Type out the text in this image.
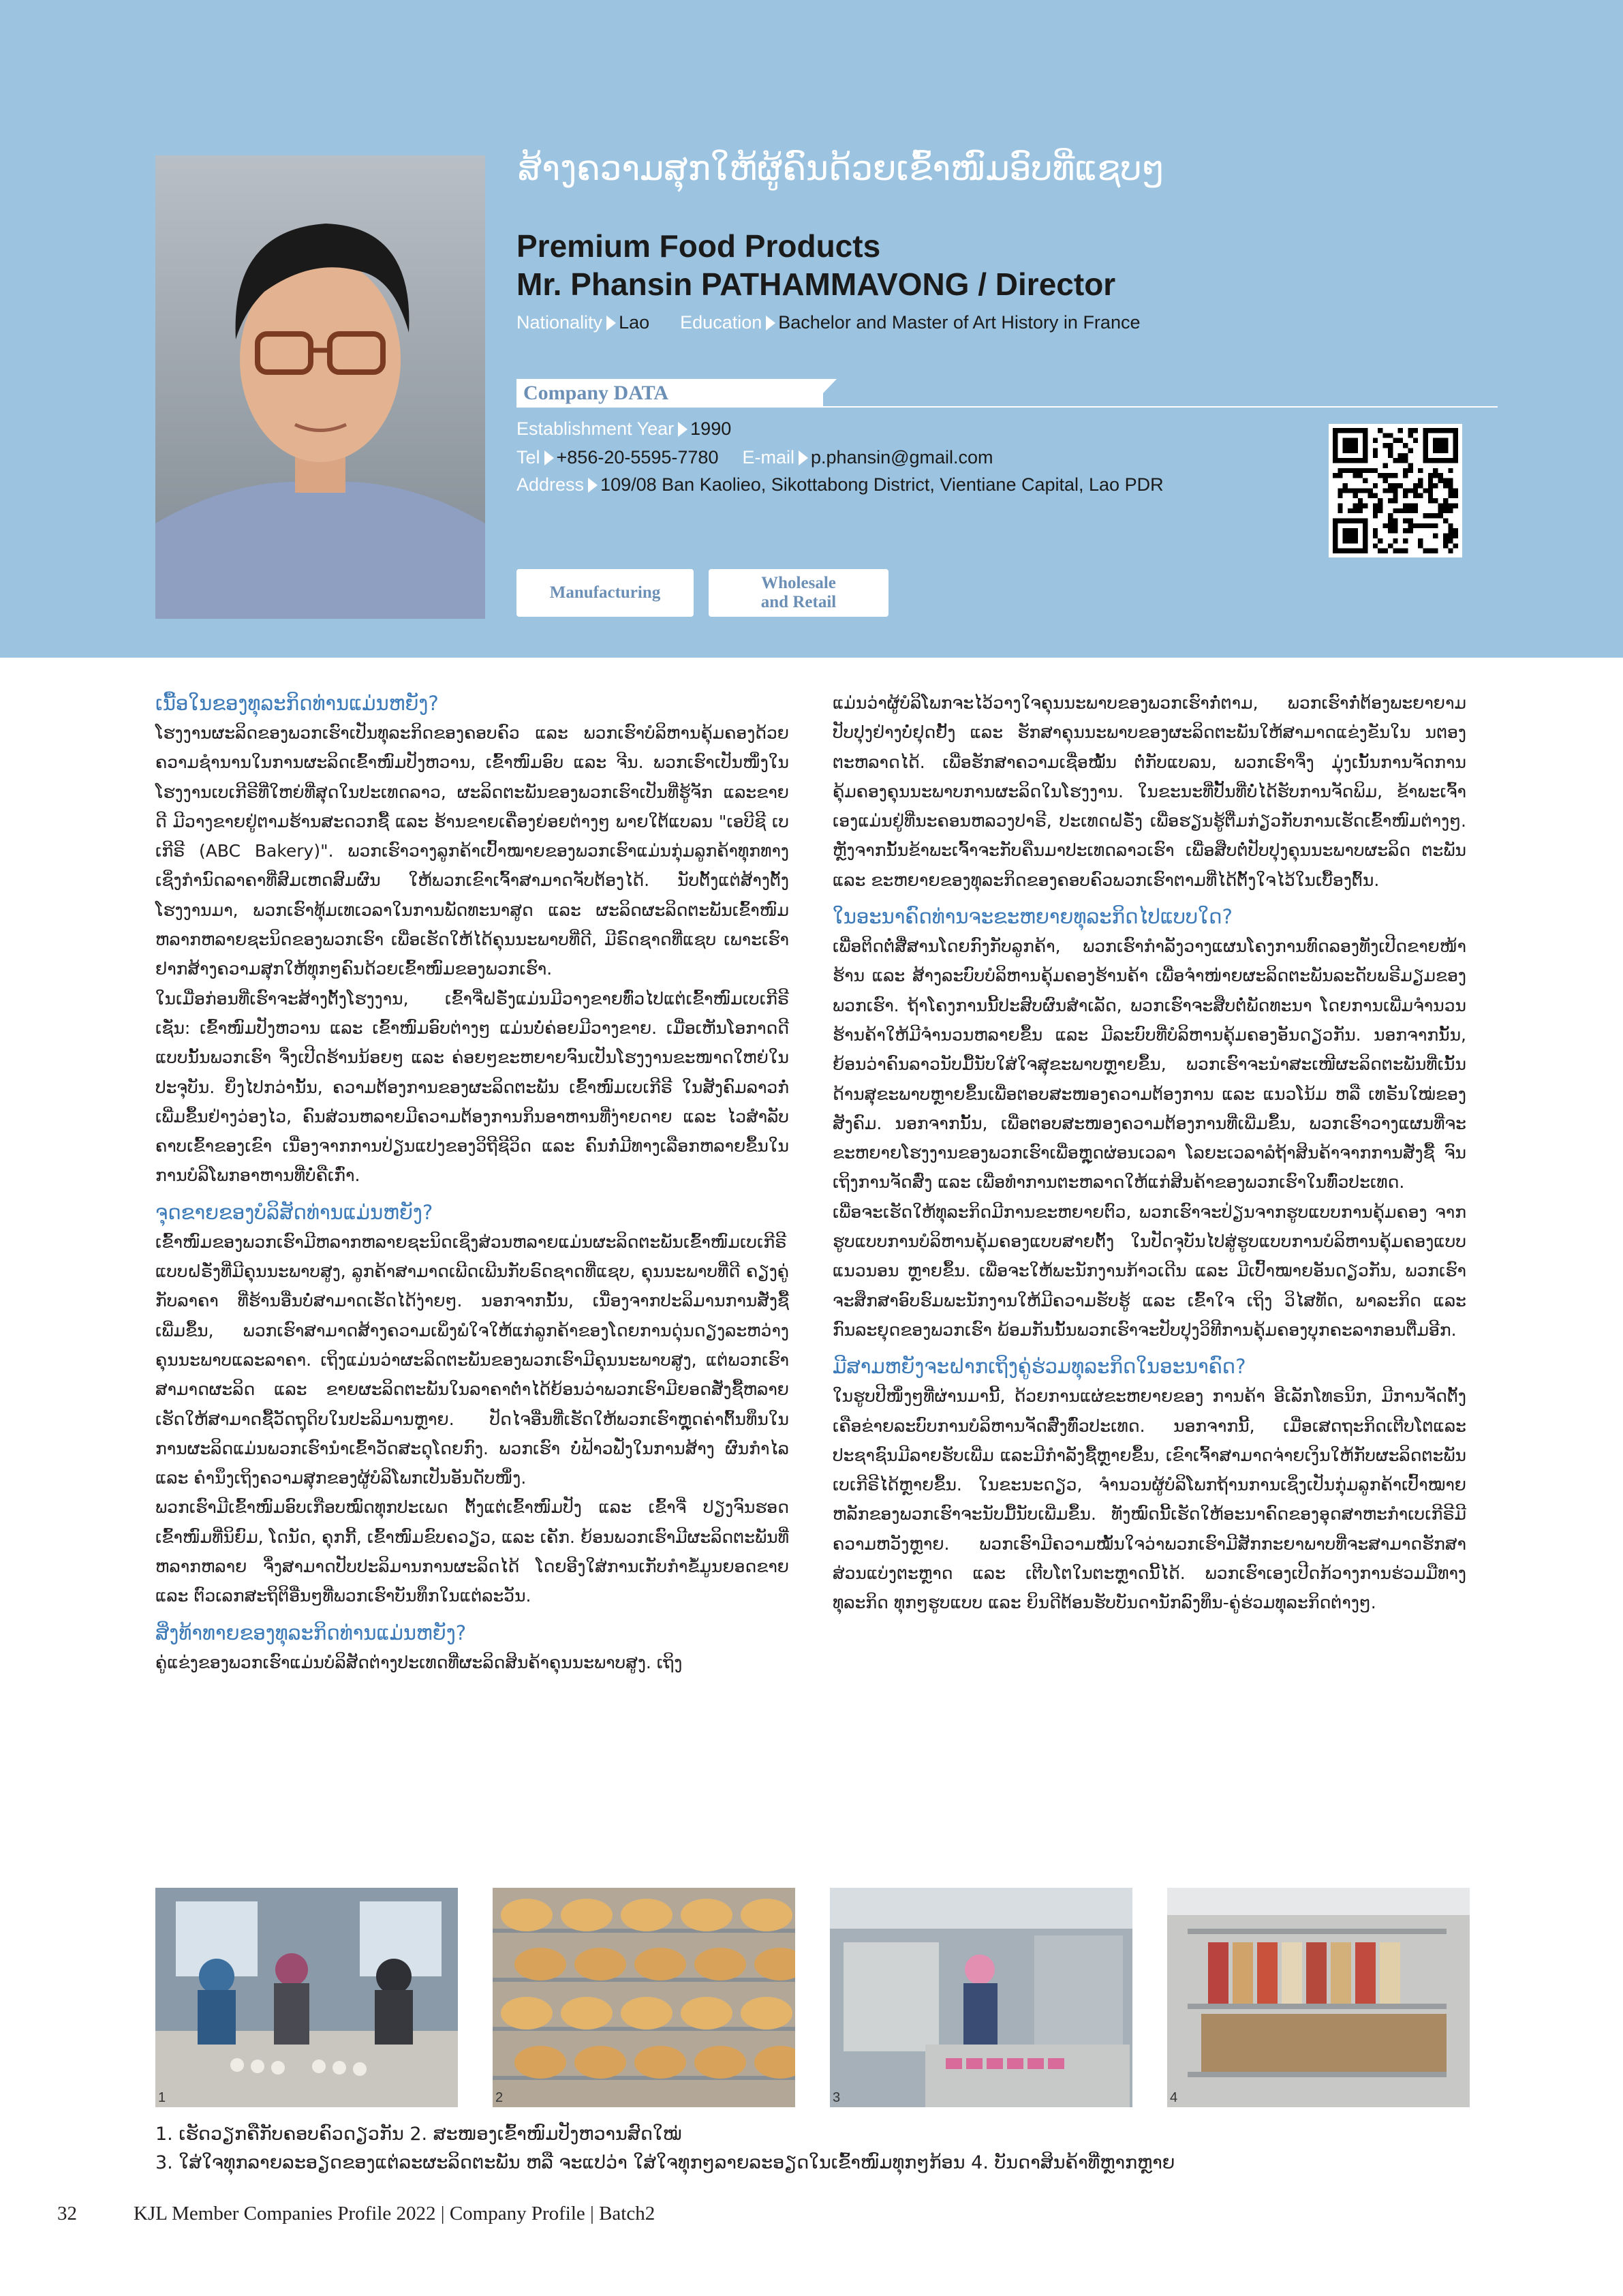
ສ້າງຄວາມສຸກໃຫ້ຜູ້ຄົນດ້ວຍເຂົ້າໜົມອົບທີ່ແຊບໆ
Premium Food Products
Mr. Phansin PATHAMMAVONG / Director
Nationality Lao Education Bachelor and Master of Art History in France
Company DATA
Establishment Year 1990
Tel +856-20-5595-7780 E-mail p.phansin@gmail.com
Address 109/08 Ban Kaolieo, Sikottabong District, Vientiane Capital, Lao PDR
Manufacturing
Wholesale and Retail
ເນື້ອໃນຂອງທຸລະກິດທ່ານແມ່ນຫຍັງ?

ໂຮງງານຜະລິດຂອງພວກເຮົາເປັນທຸລະກິດຂອງຄອບຄົວ ແລະ ພວກເຮົາບໍລິຫານຄຸ້ມຄອງດ້ວຍຄວາມຊຳນານໃນການຜະລິດເຂົ້າໜົມປັງຫວານ, ເຂົ້າໜົມອົບ ແລະ ຈີນ. ພວກເຮົາເປັນໜຶ່ງໃນໂຮງງານເບເກີຣີທີ່ໃຫຍ່ທີ່ສຸດໃນປະເທດລາວ, ຜະລິດຕະພັນຂອງພວກເຮົາເປັນທີ່ຮູ້ຈັກ ແລະຂາຍດີ ມີວາງຂາຍຢູ່ຕາມຮ້ານສະດວກຊື້ ແລະ ຮ້ານຂາຍເຄື່ອງຍ່ອຍຕ່າງໆ ພາຍໃຕ້ແບລນ "ເອບີຊີ ເບເກີຣີ (ABC Bakery)". ພວກເຮົາວາງລູກຄ້າເປົ້າໝາຍຂອງພວກເຮົາແມ່ນກຸ່ມລູກຄ້າທຸກທາງ ເຊິ່ງກໍານົດລາຄາທີ່ສົມເຫດສົມຜົນ ໃຫ້ພວກເຂົາເຈົ້າສາມາດຈັບຕ້ອງໄດ້. ນັບຕັ້ງແຕ່ສ້າງຕັ້ງໂຮງງານມາ, ພວກເຮົາທຸ້ມເທເວລາໃນການພັດທະນາສູດ ແລະ ຜະລິດຜະລິດຕະພັນເຂົ້າໜົມຫລາກຫລາຍຊະນິດຂອງພວກເຮົາ ເພື່ອເຮັດໃຫ້ໄດ້ຄຸນນະພາບທີ່ດີ, ມີຣົດຊາດທີ່ແຊບ ເພາະເຮົາຢາກສ້າງຄວາມສຸກໃຫ້ທຸກໆຄົນດ້ວຍເຂົ້າໜົມຂອງພວກເຮົາ.

ໃນເມື່ອກ່ອນທີ່ເຮົາຈະສ້າງຕັ້ງໂຮງງານ, ເຂົ້າຈີ່ຝຣັ່ງແມ່ນມີວາງຂາຍທົ່ວໄປແຕ່ເຂົ້າໜົມເບເກີຣີ ເຊັ່ນ: ເຂົ້າໜົມປັງຫວານ ແລະ ເຂົ້າໜົມອົບຕ່າງໆ ແມ່ນບໍ່ຄ່ອຍມີວາງຂາຍ. ເມື່ອເຫັນໂອກາດດີແບບນັ້ນພວກເຮົາ ຈຶ່ງເປີດຮ້ານນ້ອຍໆ ແລະ ຄ່ອຍໆຂະຫຍາຍຈົນເປັນໂຮງງານຂະໜາດໃຫຍ່ໃນປະຈຸບັນ. ຍິ່ງໄປກວ່ານັ້ນ, ຄວາມຕ້ອງການຂອງຜະລິດຕະພັນ ເຂົ້າໜົມເບເກີຣີ ໃນສັງຄົມລາວກໍ່ເພີ່ມຂຶ້ນຢ່າງວ່ອງໄວ, ຄົນສ່ວນຫລາຍມີຄວາມຕ້ອງການກິນອາຫານທີ່ງ່າຍດາຍ ແລະ ໄວສໍາລັບຄາບເຂົ້າຂອງເຂົາ ເນື່ອງຈາກການປ່ຽນແປງຂອງວິຖີຊີວິດ ແລະ ຄົນກໍ່ມີທາງເລືອກຫລາຍຂຶ້ນໃນການບໍລິໂພກອາຫານທີ່ບໍ່ຄືເກົ່າ.

ຈຸດຂາຍຂອງບໍລິສັດທ່ານແມ່ນຫຍັງ?

ເຂົ້າໜົມຂອງພວກເຮົາມີຫລາກຫລາຍຊະນິດເຊິ່ງສ່ວນຫລາຍແມ່ນຜະລິດຕະພັນເຂົ້າໜົມເບເກີຣີແບບຝຣັ່ງທີ່ມີຄຸນນະພາບສູງ, ລູກຄ້າສາມາດເພີດເພີນກັບຣົດຊາດທີ່ແຊບ, ຄຸນນະພາບທີ່ດີ ຄຽງຄູ່ກັບລາຄາ ທີ່ຮ້ານອື່ນບໍ່ສາມາດເຮັດໄດ້ງ່າຍໆ. ນອກຈາກນັ້ນ, ເນື່ອງຈາກປະລິມານການສັ່ງຊື້ເພີ່ມຂຶ້ນ, ພວກເຮົາສາມາດສ້າງຄວາມເພິ່ງພໍໃຈໃຫ້ແກ່ລູກຄ້າຂອງໂດຍການດຸ່ນດຽງລະຫວ່າງຄຸນນະພາບແລະລາຄາ. ເຖິງແມ່ນວ່າຜະລິດຕະພັນຂອງພວກເຮົາມີຄຸນນະພາບສູງ, ແຕ່ພວກເຮົາສາມາດຜະລິດ ແລະ ຂາຍຜະລິດຕະພັນໃນລາຄາຕ່ຳໄດ້ຍ້ອນວ່າພວກເຮົາມີຍອດສັ່ງຊື້ຫລາຍ ເຮັດໃຫ້ສາມາດຊື້ວັດຖຸດິບໃນປະລິມານຫຼາຍ. ປັດໄຈອື່ນທີ່ເຮັດໃຫ້ພວກເຮົາຫຼຸດຄ່າຕົ້ນທຶນໃນການຜະລິດແມ່ນພວກເຮົານຳເຂົ້າວັດສະດຸໂດຍກົງ. ພວກເຮົາ ບໍ່ຟ້າວຟັ່ງໃນການສ້າງ ຜົນກຳໄລ ແລະ ຄຳນຶງເຖິງຄວາມສຸກຂອງຜູ້ບໍລິໂພກເປັນອັນດັບໜຶ່ງ.

ພວກເຮົາມີເຂົ້າໜົມອົບເກືອບໝົດທຸກປະເພດ ຕັ້ງແຕ່ເຂົ້າໜົມປັງ ແລະ ເຂົ້າຈີ່ ປຽງຈົນຮອດເຂົ້າໜົມທີ່ນິຍົມ, ໂດນັດ, ຄຸກກີ້, ເຂົ້າໜົມຂົບຄວຽວ, ແລະ ເຄັກ. ຍ້ອນພວກເຮົາມີຜະລິດຕະພັນທີ່ຫລາກຫລາຍ ຈຶ່ງສາມາດປັບປະລິມານການຜະລິດໄດ້ ໂດຍອີງໃສ່ການເກັບກຳຂໍ້ມູນຍອດຂາຍ ແລະ ຕົວເລກສະຖິຕິອື່ນໆທີ່ພວກເຮົາບັນທຶກໃນແຕ່ລະວັນ.

ສິ່ງທ້າທາຍຂອງທຸລະກິດທ່ານແມ່ນຫຍັງ?

ຄູ່ແຂ່ງຂອງພວກເຮົາແມ່ນບໍລິສັດຕ່າງປະເທດທີ່ຜະລິດສິນຄ້າຄຸນນະພາບສູງ. ເຖິງ

ແມ່ນວ່າຜູ້ບໍລິໂພກຈະໄວ້ວາງໃຈຄຸນນະພາບຂອງພວກເຮົາກໍ່ຕາມ, ພວກເຮົາກໍ່ຕ້ອງພະຍາຍາມປັບປຸງຢ່າງບໍ່ຢຸດຢັ້ງ ແລະ ຮັກສາຄຸນນະພາບຂອງຜະລິດຕະພັນໃຫ້ສາມາດແຂ່ງຂັນໃນ ນຕອງຕະຫລາດໄດ້. ເພື່ອຮັກສາຄວາມເຊື່ອໝັ້ນ ຕໍ່ກັບແບລນ, ພວກເຮົາຈຶ່ງ ມຸ່ງເນັ້ນການຈັດການຄຸ້ມຄອງຄຸນນະພາບການຜະລິດໃນໂຮງງານ. ໃນຂະນະທີ່ປັ້ນທີ່ບໍ່ໄດ້ຮັບການຈັດພິມ, ຂ້າພະເຈົ້າເອງແມ່ນຢູ່ທີ່ນະຄອນຫລວງປາຣີ, ປະເທດຝຣັ່ງ ເພື່ອຮຽນຮູ້ຕື່ມກ່ຽວກັບການເຮັດເຂົ້າໜົມຕ່າງໆ. ຫຼັງຈາກນັ້ນຂ້າພະເຈົ້າຈະກັບຄືນມາປະເທດລາວເຮົາ ເພື່ອສືບຕໍ່ປັບປຸງຄຸນນະພາບຜະລິດ ຕະພັນ ແລະ ຂະຫຍາຍຂອງທຸລະກິດຂອງຄອບຄົວພວກເຮົາຕາມທີ່ໄດ້ຕັ້ງໃຈໄວ້ໃນເບື້ອງຕົ້ນ.

ໃນອະນາຄົດທ່ານຈະຂະຫຍາຍທຸລະກິດໄປແບບໃດ?

ເພື່ອຕິດຕໍ່ສື່ສານໂດຍກົງກັບລູກຄ້າ, ພວກເຮົາກໍາລັງວາງແຜນໂຄງການທົດລອງທັງເປີດຂາຍໜ້າຮ້ານ ແລະ ສ້າງລະບົບບໍລິຫານຄຸ້ມຄອງຮ້ານຄ້າ ເພື່ອຈຳໜ່າຍຜະລິດຕະພັນລະດັບພຣີມຽມຂອງພວກເຮົາ. ຖ້າໂຄງການນີ້ປະສົບຜົນສຳເລັດ, ພວກເຮົາຈະສືບຕໍ່ພັດທະນາ ໂດຍການເພີ່ມຈຳນວນຮ້ານຄ້າໃຫ້ມີຈຳນວນຫລາຍຂຶ້ນ ແລະ ມີລະບົບທີ່ບໍລິຫານຄຸ້ມຄອງອັນດຽວກັນ. ນອກຈາກນັ້ນ, ຍ້ອນວ່າຄົນລາວນັບມື້ນັບໃສ່ໃຈສຸຂະພາບຫຼາຍຂຶ້ນ, ພວກເຮົາຈະນຳສະເໜີຜະລິດຕະພັນທີ່ເນັ້ນດ້ານສຸຂະພາບຫຼາຍຂຶ້ນເພື່ອຕອບສະໜອງຄວາມຕ້ອງການ ແລະ ແນວໂນ້ມ ຫລື ເທຣັນໃໝ່ຂອງສັງຄົມ. ນອກຈາກນັ້ນ, ເພື່ອຕອບສະໜອງຄວາມຕ້ອງການທີ່ເພີ່ມຂຶ້ນ, ພວກເຮົາວາງແຜນທີ່ຈະຂະຫຍາຍໂຮງງານຂອງພວກເຮົາເພື່ອຫຼຸດຜ່ອນເວລາ ໂລຍະເວລາລໍຖ້າສິນຄ້າຈາກການສັ່ງຊື້ ຈົນເຖິງການຈັດສົ່ງ ແລະ ເພື່ອທຳການຕະຫລາດໃຫ້ແກ່ສິນຄ້າຂອງພວກເຮົາໃນທົ່ວປະເທດ.

ເພື່ອຈະເຮັດໃຫ້ທຸລະກິດມີການຂະຫຍາຍຕົວ, ພວກເຮົາຈະປ່ຽນຈາກຮູບແບບການຄຸ້ມຄອງ ຈາກ ຮູບແບບການບໍລິຫານຄຸ້ມຄອງແບບສາຍຕັ້ງ ໃນປັດຈຸບັນໄປສູ່ຮູບແບບການບໍລິຫານຄຸ້ມຄອງແບບແນວນອນ ຫຼາຍຂຶ້ນ. ເພື່ອຈະໃຫ້ພະນັກງານກ້າວເດີນ ແລະ ມີເປົ້າໝາຍອັນດຽວກັນ, ພວກເຮົາຈະສຶກສາອົບຮົມພະນັກງານໃຫ້ມີຄວາມຮັບຮູ້ ແລະ ເຂົ້າໃຈ ເຖິງ ວິໄສທັດ, ພາລະກິດ ແລະ ກົນລະຍຸດຂອງພວກເຮົາ ພ້ອມກັນນັ້ນພວກເຮົາຈະປັບປຸງວິທີການຄຸ້ມຄອງບຸກຄະລາກອນຕື່ມອີກ.

ມີສາມຫຍັງຈະຝາກເຖິງຄູ່ຮ່ວມທຸລະກິດໃນອະນາຄົດ?

ໃນຮູບປີໜຶ່ງໆທີ່ຜ່ານມານີ້, ດ້ວຍການແຜ່ຂະຫຍາຍຂອງ ການຄ້າ ອີເລັກໂທຣນິກ, ມີການຈັດຕັ້ງເຄືອຂ່າຍລະບົບການບໍລິຫານຈັດສົ່ງທົ່ວປະເທດ. ນອກຈາກນີ້, ເມື່ອເສດຖະກິດເຕີບໂຕແລະປະຊາຊົນມີລາຍຮັບເພີ່ມ ແລະມີກຳລັງຊື້ຫຼາຍຂຶ້ນ, ເຂົາເຈົ້າສາມາດຈ່າຍເງິນໃຫ້ກັບຜະລິດຕະພັນເບເກີຣີໄດ້ຫຼາຍຂຶ້ນ. ໃນຂະນະດຽວ, ຈຳນວນຜູ້ບໍລິໂພກຖ້ານການເຊິ່ງເປັນກຸ່ມລູກຄ້າເປົ້າໝາຍຫລັກຂອງພວກເຮົາຈະນັບມື້ນັບເພີ່ມຂຶ້ນ. ທັງໝົດນີ້ເຮັດໃຫ້ອະນາຄົດຂອງອຸດສາຫະກຳເບເກີຣີມີຄວາມຫວັງຫຼາຍ. ພວກເຮົາມີຄວາມໝັ້ນໃຈວ່າພວກເຮົາມີສັກກະຍາພາບທີ່ຈະສາມາດຮັກສາສ່ວນແບ່ງຕະຫຼາດ ແລະ ເຕີບໂຕໃນຕະຫຼາດນີ້ໄດ້. ພວກເຮົາເອງເປີດກ້ວາງການຮ່ວມມືທາງທຸລະກິດ ທຸກໆຮູບແບບ ແລະ ຍິນດີຕ້ອນຮັບບັນດານັກລົງທຶນ-ຄູ່ຮ່ວມທຸລະກິດຕ່າງໆ.

1	2	3	4
1. ເຮັດວຽກຄືກັບຄອບຄົວດຽວກັນ 2. ສະໜອງເຂົ້າໜົມປັງຫວານສົດໃໝ່
3. ໃສ່ໃຈທຸກລາຍລະອຽດຂອງແຕ່ລະຜະລິດຕະພັນ ຫລື ຈະແປວ່າ ໃສ່ໃຈທຸກໆລາຍລະອຽດໃນເຂົ້າໜົມທຸກໆກ້ອນ 4. ບັນດາສິນຄ້າທີ່ຫຼາກຫຼາຍ
32	KJL Member Companies Profile 2022 | Company Profile | Batch2
